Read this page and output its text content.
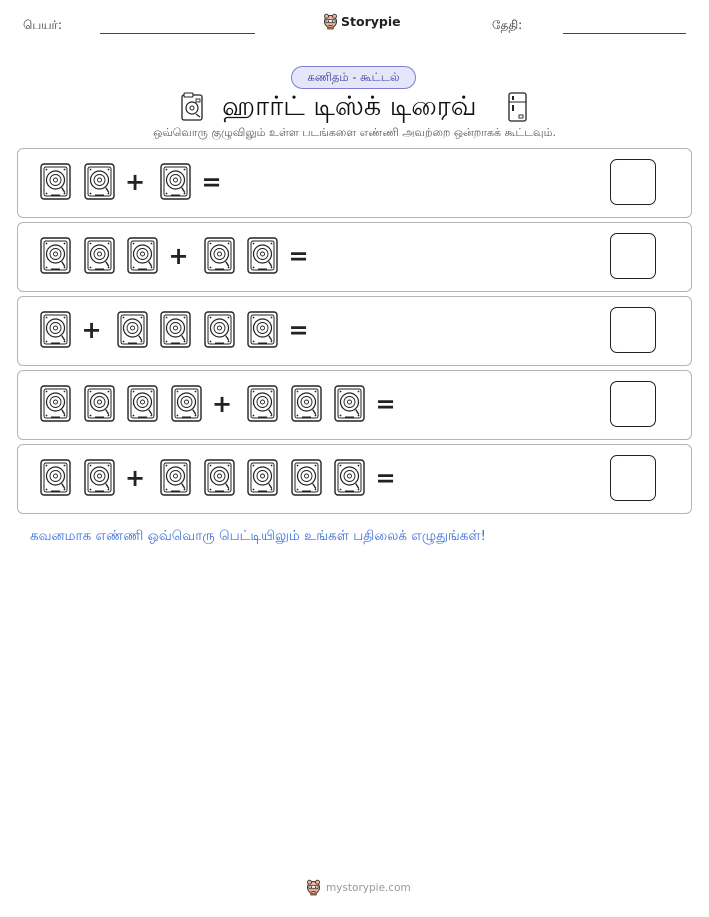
பெயர்:	Storypie	தேதி:
கணிதம் - கூட்டல்
ஹார்ட் டிஸ்க் டிரைவ்
ஒவ்வொரு குழுவிலும் உள்ள படங்களை எண்ணி அவற்றை ஒன்றாகக் கூட்டவும்.
+ =
+	=
+	=
+	=
+	=
கவனமாக எண்ணி ஒவ்வொரு பெட்டியிலும் உங்கள் பதிலைக் எழுதுங்கள்!
mystorypie.com
